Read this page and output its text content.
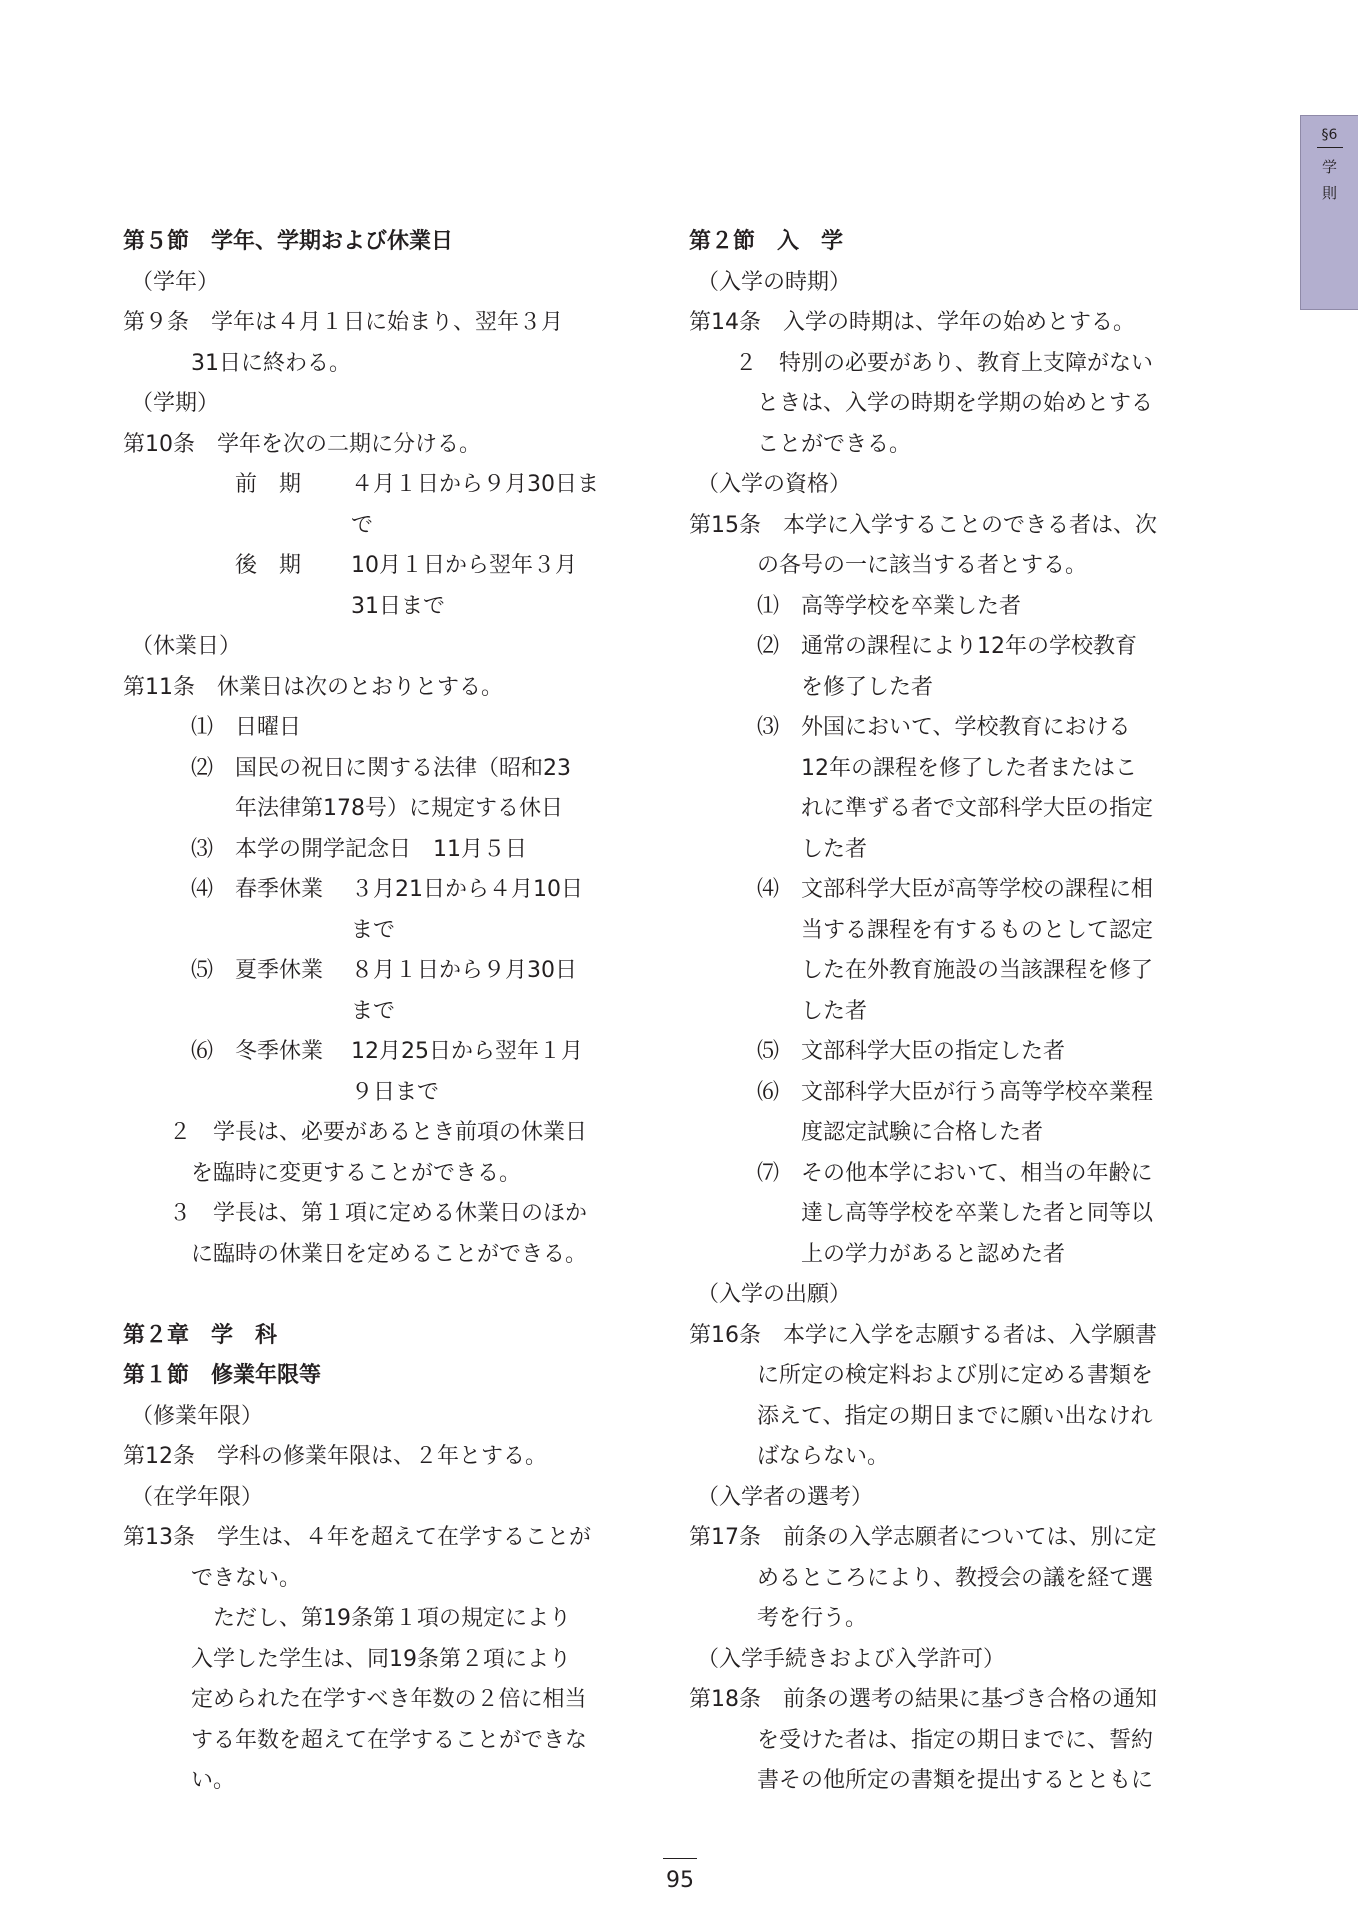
§6
学
則
第５節　学年、学期および休業日

（学年）

第９条　学年は４月１日に始まり、翌年３月

31日に終わる。

（学期）

第10条　学年を次の二期に分ける。

前　期 ４月１日から９月30日ま

で

後　期 10月１日から翌年３月

31日まで

（休業日）

第11条　休業日は次のとおりとする。

⑴　日曜日

⑵　国民の祝日に関する法律（昭和23

年法律第178号）に規定する休日

⑶　本学の開学記念日　11月５日

⑷　春季休業 ３月21日から４月10日

まで

⑸　夏季休業 ８月１日から９月30日

まで

⑹　冬季休業 12月25日から翌年１月

９日まで

２　学長は、必要があるとき前項の休業日

を臨時に変更することができる。

３　学長は、第１項に定める休業日のほか

に臨時の休業日を定めることができる。

第２章　学　科
第１節　修業年限等

（修業年限）

第12条　学科の修業年限は、２年とする。

（在学年限）

第13条　学生は、４年を超えて在学することが

できない。

ただし、第19条第１項の規定により

入学した学生は、同19条第２項により

定められた在学すべき年数の２倍に相当

する年数を超えて在学することができな

い。

第２節　入　学

（入学の時期）

第14条　入学の時期は、学年の始めとする。

２　特別の必要があり、教育上支障がない

ときは、入学の時期を学期の始めとする

ことができる。

（入学の資格）

第15条　本学に入学することのできる者は、次

の各号の一に該当する者とする。

⑴　高等学校を卒業した者

⑵　通常の課程により12年の学校教育

を修了した者

⑶　外国において、学校教育における

12年の課程を修了した者またはこ

れに準ずる者で文部科学大臣の指定

した者

⑷　文部科学大臣が高等学校の課程に相

当する課程を有するものとして認定

した在外教育施設の当該課程を修了

した者

⑸　文部科学大臣の指定した者

⑹　文部科学大臣が行う高等学校卒業程

度認定試験に合格した者

⑺　その他本学において、相当の年齢に

達し高等学校を卒業した者と同等以

上の学力があると認めた者

（入学の出願）

第16条　本学に入学を志願する者は、入学願書

に所定の検定料および別に定める書類を

添えて、指定の期日までに願い出なけれ

ばならない。

（入学者の選考）

第17条　前条の入学志願者については、別に定

めるところにより、教授会の議を経て選

考を行う。

（入学手続きおよび入学許可）

第18条　前条の選考の結果に基づき合格の通知

を受けた者は、指定の期日までに、誓約

書その他所定の書類を提出するとともに

95
